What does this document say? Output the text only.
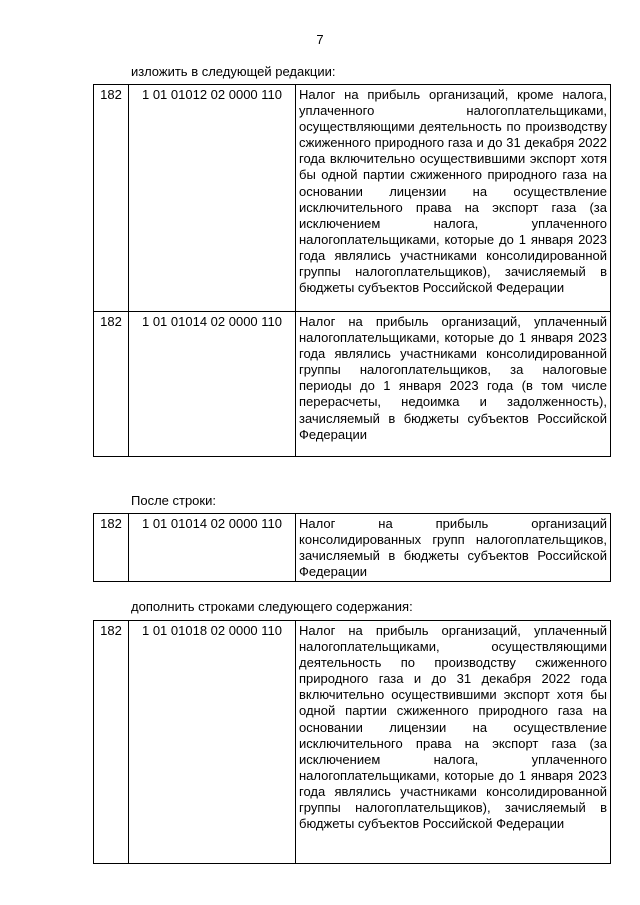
7
изложить в следующей редакции:
182	1 01 01012 02 0000 110	Налог на прибыль организаций, кроме налога, уплаченного налогоплательщиками, осуществляющими деятельность по производству сжиженного природного газа и до 31 декабря 2022 года включительно осуществившими экспорт хотя бы одной партии сжиженного природного газа на основании лицензии на осуществление исключительного права на экспорт газа (за исключением налога, уплаченного налогоплательщиками, которые до 1 января 2023 года являлись участниками консолидированной группы налогоплательщиков), зачисляемый в бюджеты субъектов Российской Федерации
182	1 01 01014 02 0000 110	Налог на прибыль организаций, уплаченный налогоплательщиками, которые до 1 января 2023 года являлись участниками консолидированной группы налогоплательщиков, за налоговые периоды до 1 января 2023 года (в том числе перерасчеты, недоимка и задолженность), зачисляемый в бюджеты субъектов Российской Федерации
После строки:
182	1 01 01014 02 0000 110	Налог на прибыль организаций консолидированных групп налогоплательщиков, зачисляемый в бюджеты субъектов Российской Федерации
дополнить строками следующего содержания:
182	1 01 01018 02 0000 110	Налог на прибыль организаций, уплаченный налогоплательщиками, осуществляющими деятельность по производству сжиженного природного газа и до 31 декабря 2022 года включительно осуществившими экспорт хотя бы одной партии сжиженного природного газа на основании лицензии на осуществление исключительного права на экспорт газа (за исключением налога, уплаченного налогоплательщиками, которые до 1 января 2023 года являлись участниками консолидированной группы налогоплательщиков), зачисляемый в бюджеты субъектов Российской Федерации
